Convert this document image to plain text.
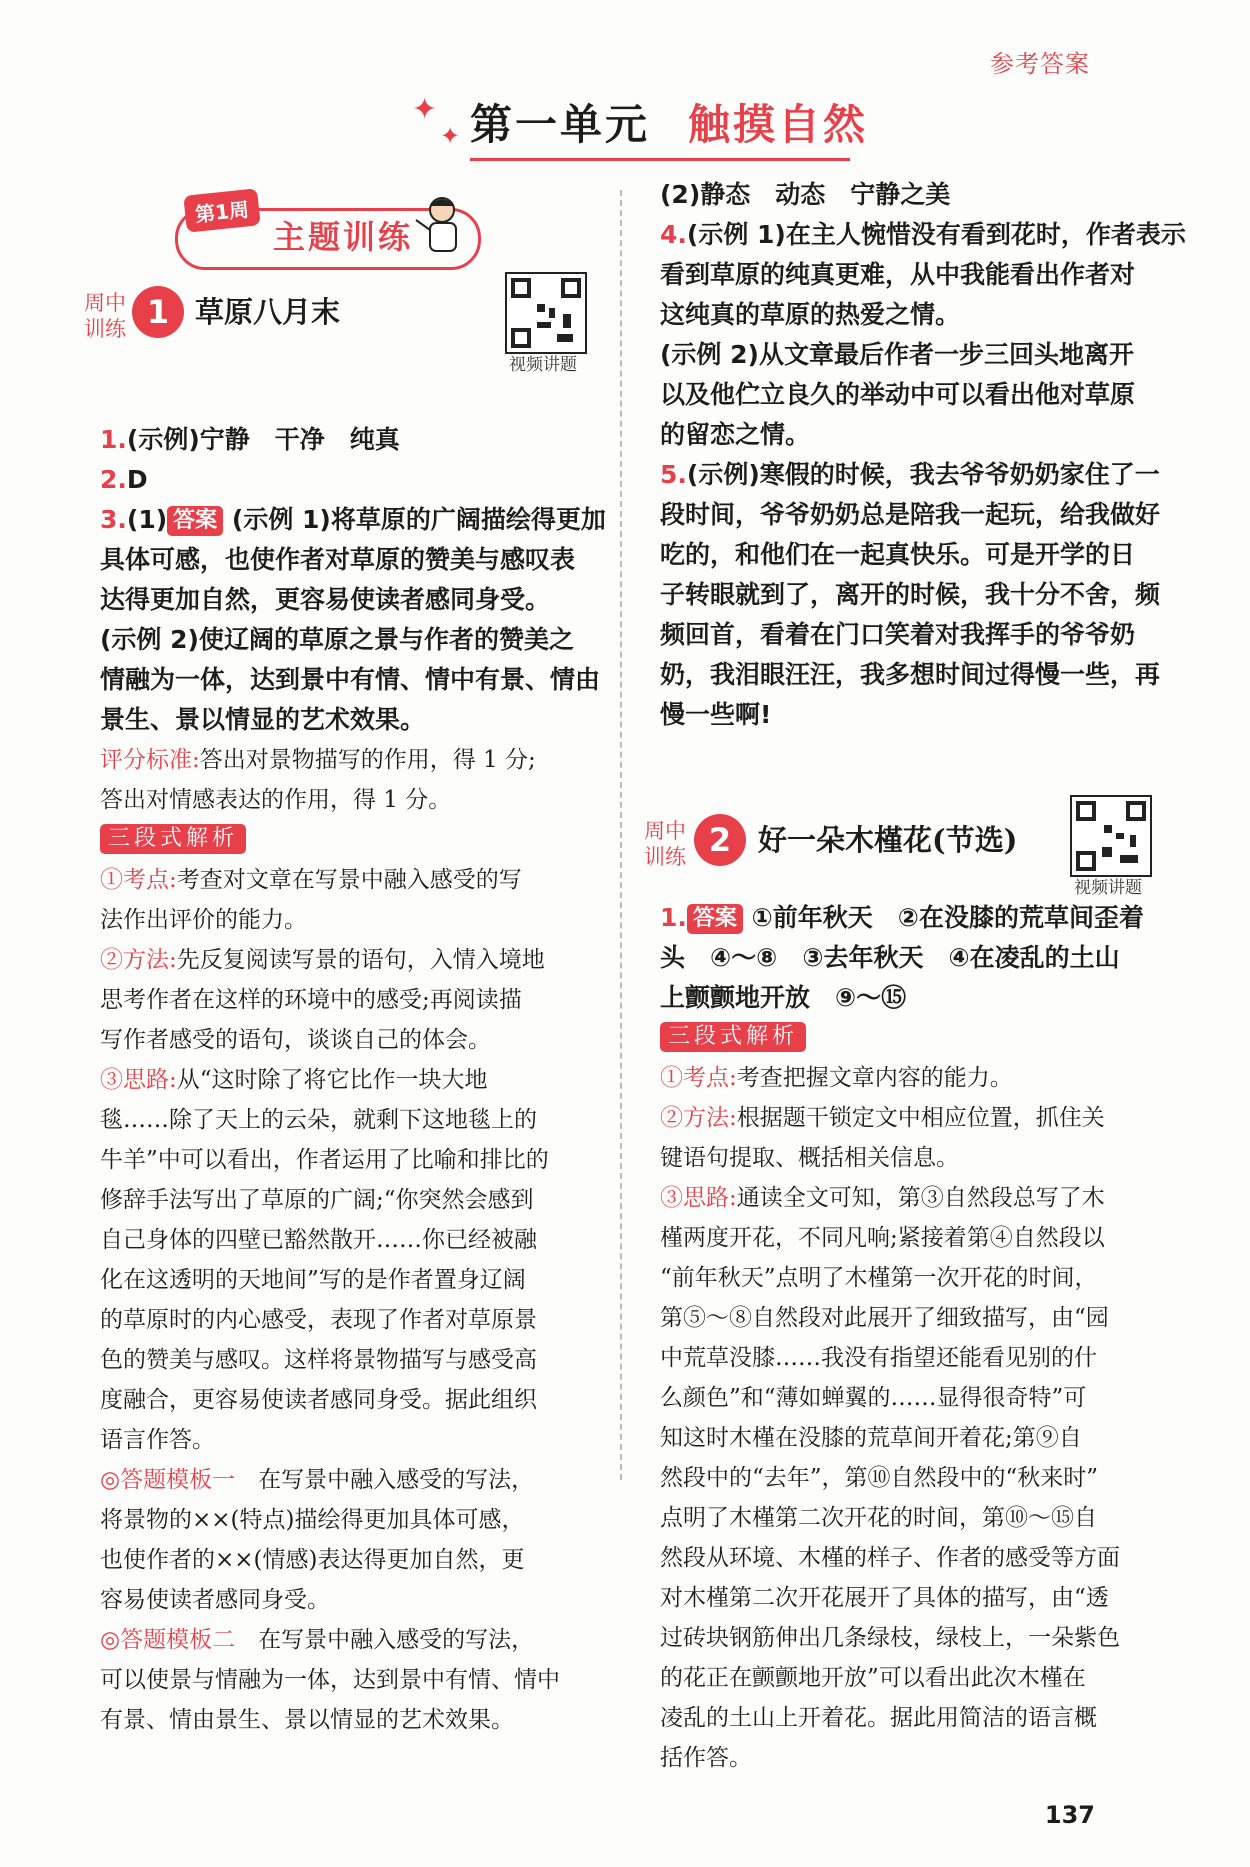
参考答案
✦
✦ 第一单元 触摸自然
第1周
主题训练
周中
训练 1 草原八月末
视频讲题
1.(示例)宁静　干净　纯真
2.D
3.(1) 答案 (示例 1)将草原的广阔描绘得更加
具体可感，也使作者对草原的赞美与感叹表
达得更加自然，更容易使读者感同身受。
(示例 2)使辽阔的草原之景与作者的赞美之
情融为一体，达到景中有情、情中有景、情由
景生、景以情显的艺术效果。
评分标准:答出对景物描写的作用，得 1 分;
答出对情感表达的作用，得 1 分。
三段式解析
①考点:考查对文章在写景中融入感受的写
法作出评价的能力。
②方法:先反复阅读写景的语句，入情入境地
思考作者在这样的环境中的感受;再阅读描
写作者感受的语句，谈谈自己的体会。
③思路:从“这时除了将它比作一块大地
毯……除了天上的云朵，就剩下这地毯上的
牛羊”中可以看出，作者运用了比喻和排比的
修辞手法写出了草原的广阔;“你突然会感到
自己身体的四壁已豁然散开……你已经被融
化在这透明的天地间”写的是作者置身辽阔
的草原时的内心感受，表现了作者对草原景
色的赞美与感叹。这样将景物描写与感受高
度融合，更容易使读者感同身受。据此组织
语言作答。
◎答题模板一　 在写景中融入感受的写法，
将景物的××(特点)描绘得更加具体可感，
也使作者的××(情感)表达得更加自然，更
容易使读者感同身受。
◎答题模板二　 在写景中融入感受的写法，
可以使景与情融为一体，达到景中有情、情中
有景、情由景生、景以情显的艺术效果。
(2)静态　动态　宁静之美
4.(示例 1)在主人惋惜没有看到花时，作者表示
看到草原的纯真更难，从中我能看出作者对
这纯真的草原的热爱之情。
(示例 2)从文章最后作者一步三回头地离开
以及他伫立良久的举动中可以看出他对草原
的留恋之情。
5.(示例)寒假的时候，我去爷爷奶奶家住了一
段时间，爷爷奶奶总是陪我一起玩，给我做好
吃的，和他们在一起真快乐。可是开学的日
子转眼就到了，离开的时候，我十分不舍，频
频回首，看着在门口笑着对我挥手的爷爷奶
奶，我泪眼汪汪，我多想时间过得慢一些，再
慢一些啊!
周中
训练 2 好一朵木槿花(节选)
视频讲题
1. 答案 ①前年秋天　②在没膝的荒草间歪着
头　④～⑧　③去年秋天　④在凌乱的土山
上颤颤地开放　⑨～⑮
三段式解析
①考点:考查把握文章内容的能力。
②方法:根据题干锁定文中相应位置，抓住关
键语句提取、概括相关信息。
③思路:通读全文可知，第③自然段总写了木
槿两度开花，不同凡响;紧接着第④自然段以
“前年秋天”点明了木槿第一次开花的时间，
第⑤～⑧自然段对此展开了细致描写，由“园
中荒草没膝……我没有指望还能看见别的什
么颜色”和“薄如蝉翼的……显得很奇特”可
知这时木槿在没膝的荒草间开着花;第⑨自
然段中的“去年”，第⑩自然段中的“秋来时”
点明了木槿第二次开花的时间，第⑩～⑮自
然段从环境、木槿的样子、作者的感受等方面
对木槿第二次开花展开了具体的描写，由“透
过砖块钢筋伸出几条绿枝，绿枝上，一朵紫色
的花正在颤颤地开放”可以看出此次木槿在
凌乱的土山上开着花。据此用简洁的语言概
括作答。
137
